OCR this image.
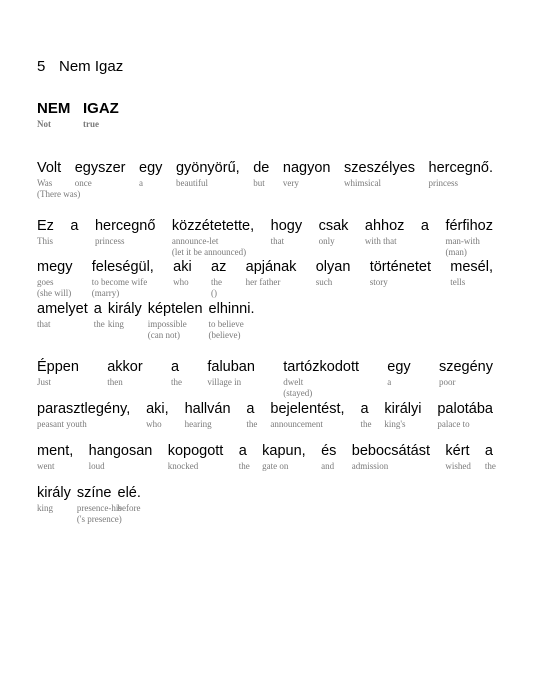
5 Nem Igaz
NEM
Not
IGAZ
true
Volt
Was
(There was)
egyszer
once
egy
a
gyönyörű,
beautiful
de
but
nagyon
very
szeszélyes
whimsical
hercegnő.
princess
Ez
This
a hercegnő
princess
közzétetette,
announce-let
(let it be announced)
hogy
that
csak
only
ahhoz
with that
a férfihoz
man-with
(man)
megy
goes
(she will)
feleségül,
to become wife
(marry)
aki
who
az
the
()
apjának
her father
olyan
such
történetet
story
mesél,
tells
amelyet
that
a
the
király
king
képtelen
impossible
(can not)
elhinni.
to believe
(believe)
Éppen
Just
akkor
then
a
the
faluban
village in
tartózkodott
dwelt
(stayed)
egy
a
szegény
poor
parasztlegény,
peasant youth
aki,
who
hallván
hearing
a
the
bejelentést,
announcement
a
the
királyi
king's
palotába
palace to
ment,
went
hangosan
loud
kopogott
knocked
a
the
kapun,
gate on
és
and
bebocsátást
admission
kért
wished
a
the
király
king
színe
presence-his
('s presence)
elé.
before
